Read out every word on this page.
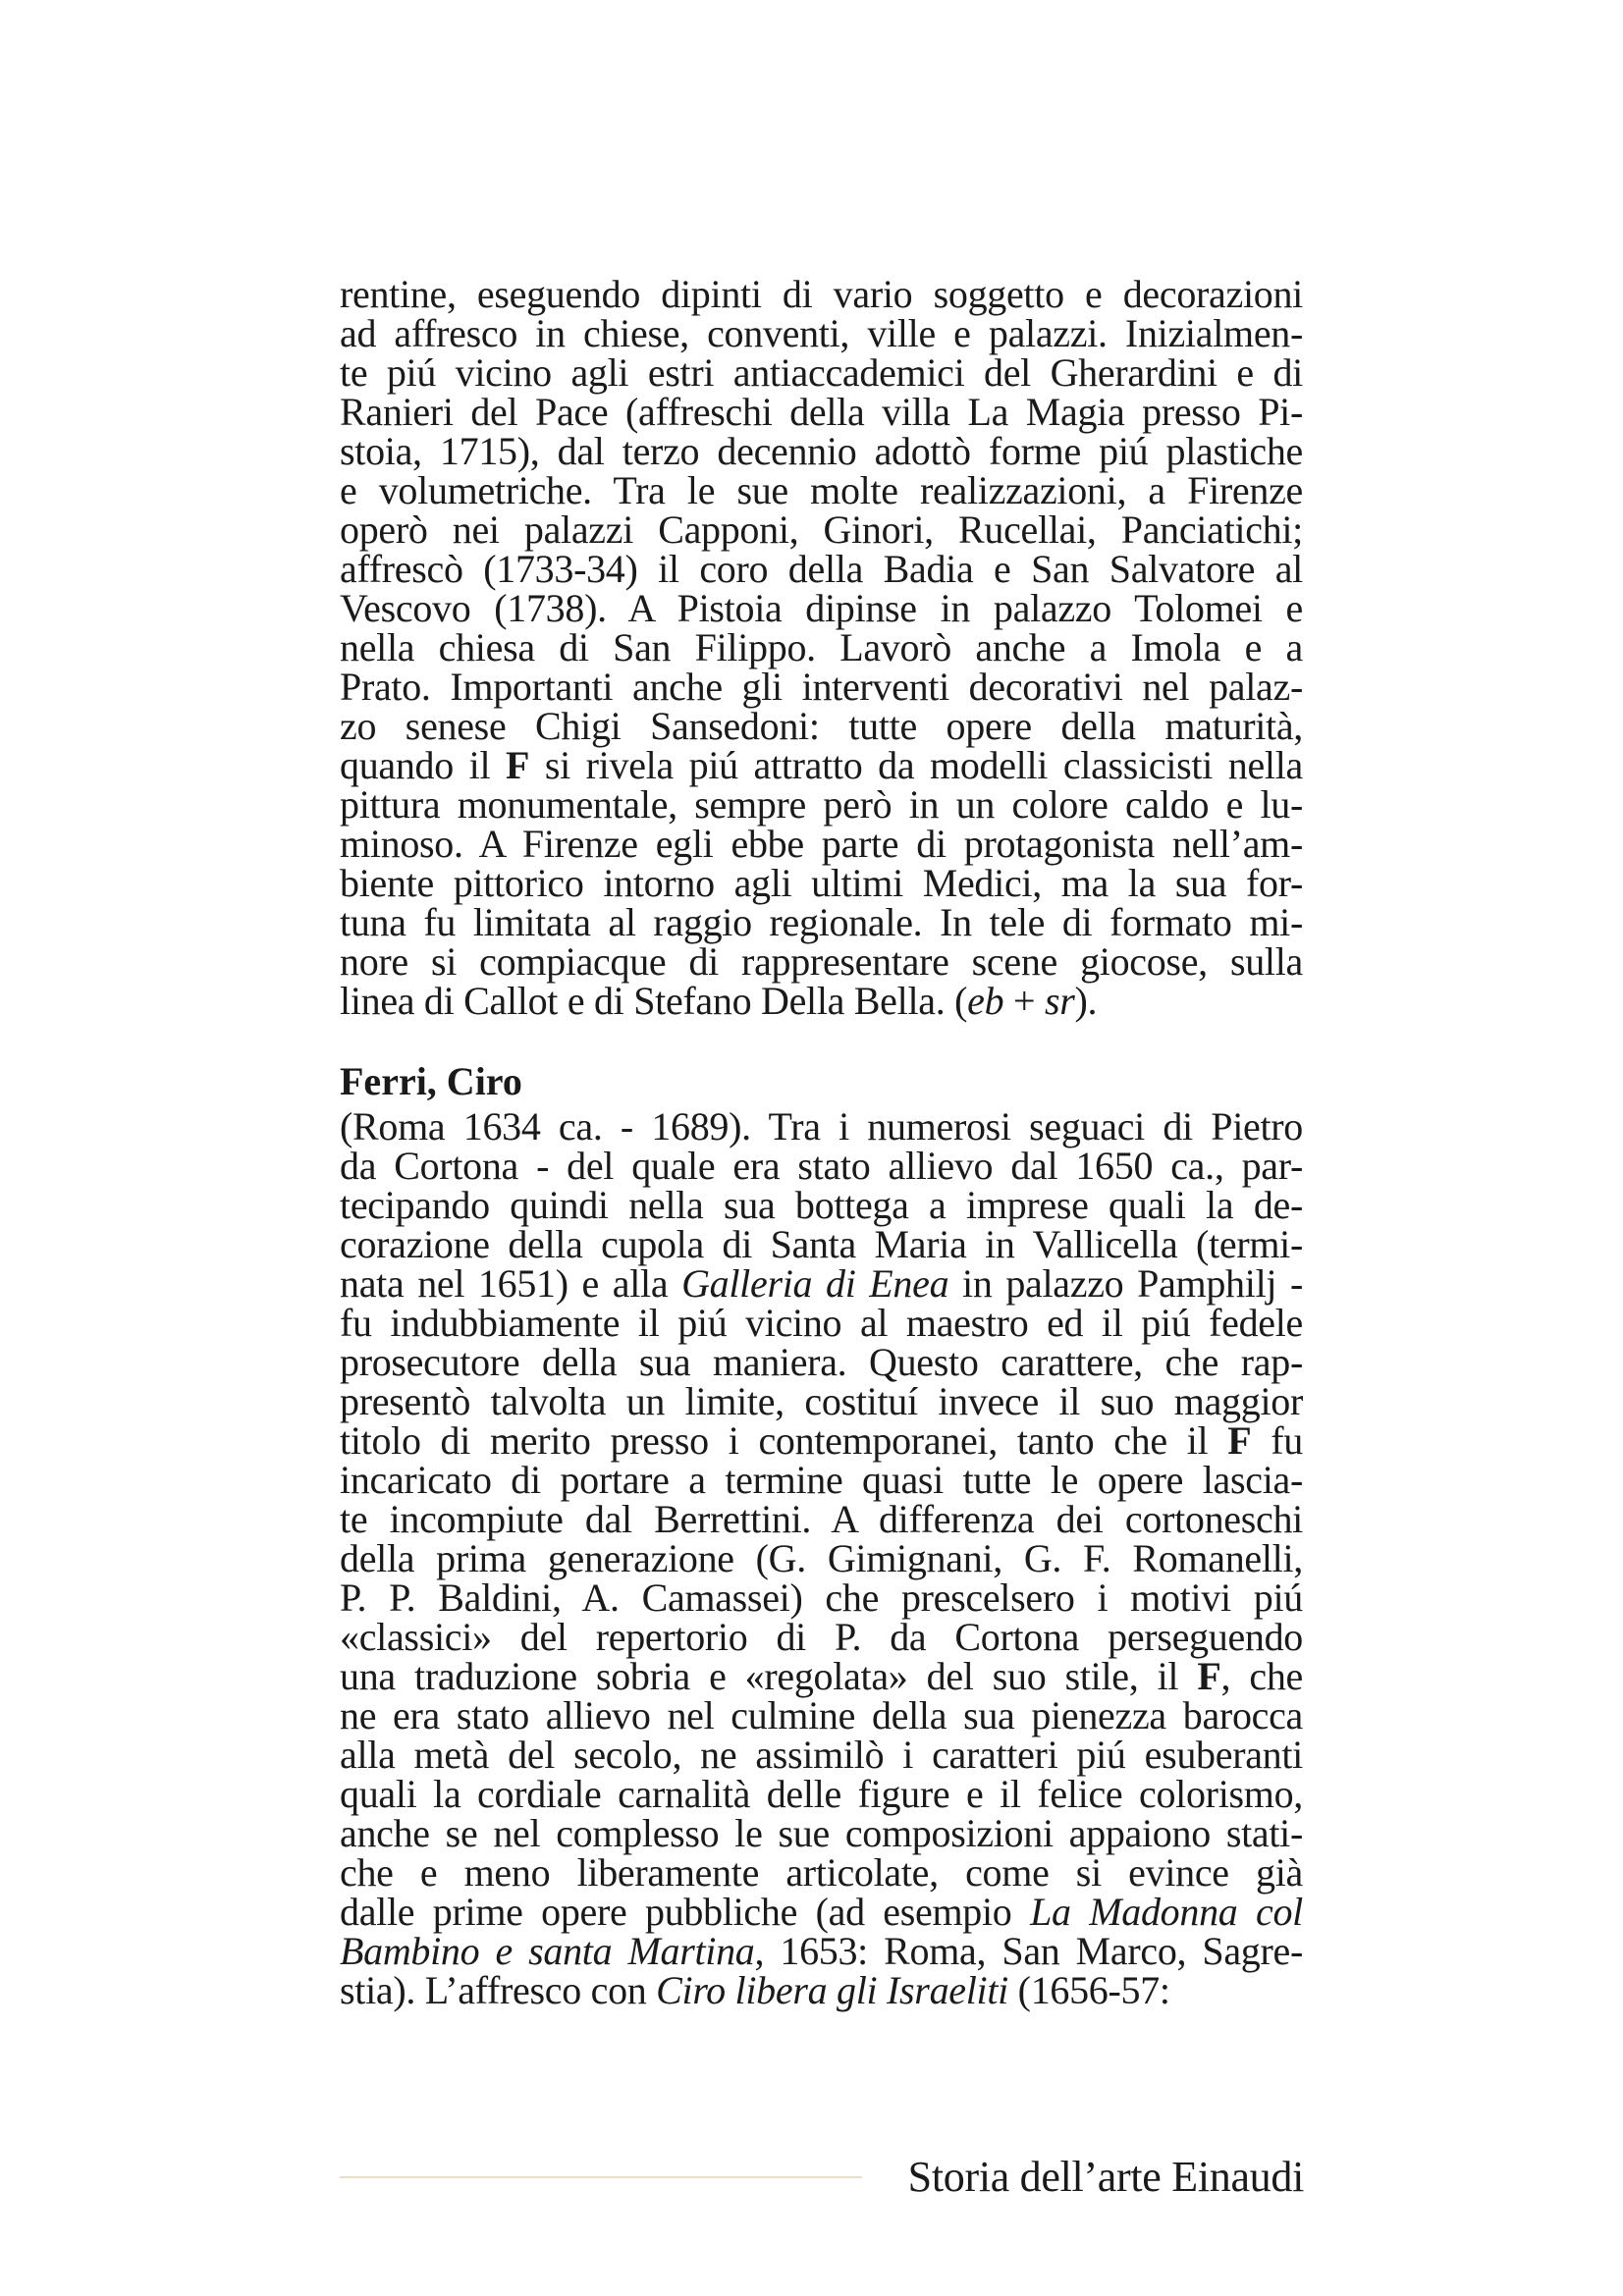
rentine, eseguendo dipinti di vario soggetto e decorazioni
ad affresco in chiese, conventi, ville e palazzi. Inizialmen-
te piú vicino agli estri antiaccademici del Gherardini e di
Ranieri del Pace (affreschi della villa La Magia presso Pi-
stoia, 1715), dal terzo decennio adottò forme piú plastiche
e volumetriche. Tra le sue molte realizzazioni, a Firenze
operò nei palazzi Capponi, Ginori, Rucellai, Panciatichi;
affrescò (1733-34) il coro della Badia e San Salvatore al
Vescovo (1738). A Pistoia dipinse in palazzo Tolomei e
nella chiesa di San Filippo. Lavorò anche a Imola e a
Prato. Importanti anche gli interventi decorativi nel palaz-
zo senese Chigi Sansedoni: tutte opere della maturità,
quando il F si rivela piú attratto da modelli classicisti nella
pittura monumentale, sempre però in un colore caldo e lu-
minoso. A Firenze egli ebbe parte di protagonista nell’am-
biente pittorico intorno agli ultimi Medici, ma la sua for-
tuna fu limitata al raggio regionale. In tele di formato mi-
nore si compiacque di rappresentare scene giocose, sulla
linea di Callot e di Stefano Della Bella. (eb + sr).
Ferri, Ciro
(Roma 1634 ca. - 1689). Tra i numerosi seguaci di Pietro
da Cortona - del quale era stato allievo dal 1650 ca., par-
tecipando quindi nella sua bottega a imprese quali la de-
corazione della cupola di Santa Maria in Vallicella (termi-
nata nel 1651) e alla Galleria di Enea in palazzo Pamphilj -
fu indubbiamente il piú vicino al maestro ed il piú fedele
prosecutore della sua maniera. Questo carattere, che rap-
presentò talvolta un limite, costituí invece il suo maggior
titolo di merito presso i contemporanei, tanto che il F fu
incaricato di portare a termine quasi tutte le opere lascia-
te incompiute dal Berrettini. A differenza dei cortoneschi
della prima generazione (G. Gimignani, G. F. Romanelli,
P. P. Baldini, A. Camassei) che prescelsero i motivi piú
«classici» del repertorio di P. da Cortona perseguendo
una traduzione sobria e «regolata» del suo stile, il F, che
ne era stato allievo nel culmine della sua pienezza barocca
alla metà del secolo, ne assimilò i caratteri piú esuberanti
quali la cordiale carnalità delle figure e il felice colorismo,
anche se nel complesso le sue composizioni appaiono stati-
che e meno liberamente articolate, come si evince già
dalle prime opere pubbliche (ad esempio La Madonna col
Bambino e santa Martina, 1653: Roma, San Marco, Sagre-
stia). L’affresco con Ciro libera gli Israeliti (1656-57:
Storia dell’arte Einaudi
